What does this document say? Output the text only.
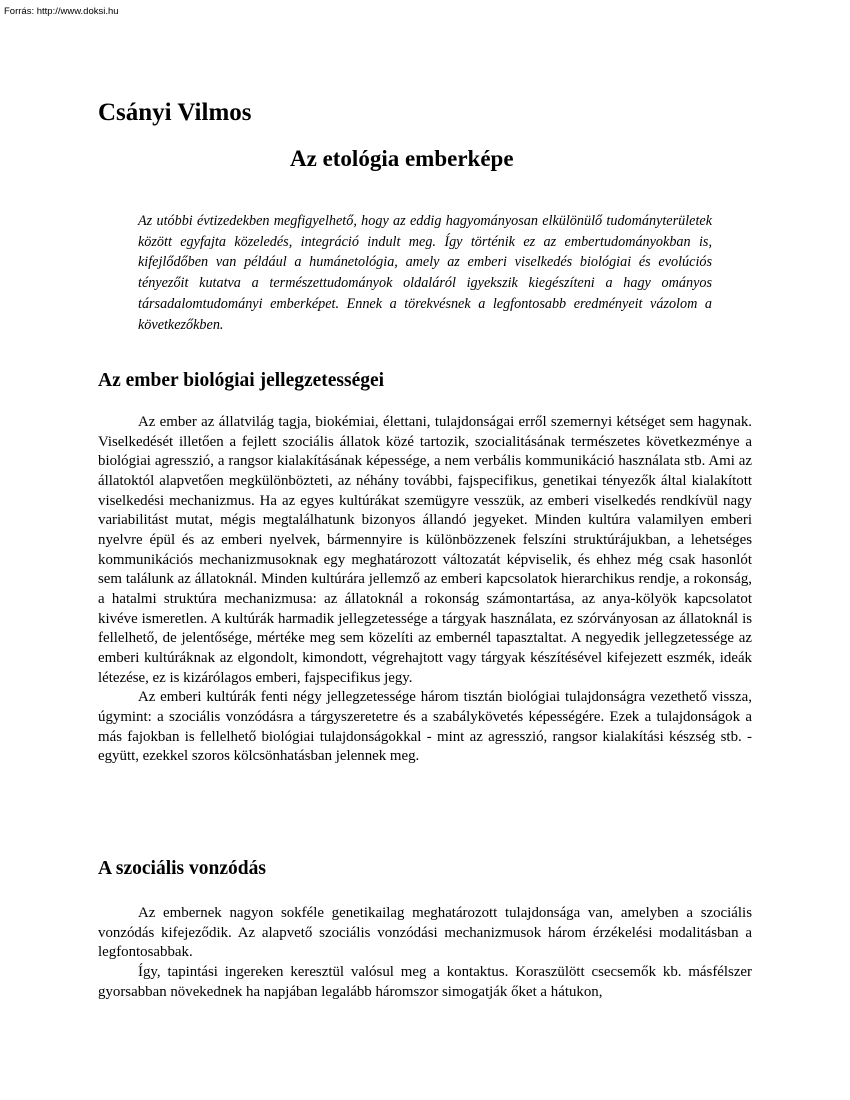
Forrás: http://www.doksi.hu
Csányi Vilmos
Az etológia emberképe

Az utóbbi évtizedekben megfigyelhető, hogy az eddig hagyományosan elkülönülő tudományterületek között egyfajta közeledés, integráció indult meg. Így történik ez az embertudományokban is, kifejlődőben van például a humánetológia, amely az emberi viselkedés biológiai és evolúciós tényezőit kutatva a természettudományok oldaláról igyekszik kiegészíteni a hagy ományos társadalomtudományi emberképet. Ennek a törekvésnek a legfontosabb eredményeit vázolom a következőkben.

Az ember biológiai jellegzetességei

Az ember az állatvilág tagja, biokémiai, élettani, tulajdonságai erről szemernyi kétséget sem hagynak. Viselkedését illetően a fejlett szociális állatok közé tartozik, szocialitásának természetes következménye a biológiai agresszió, a rangsor kialakításának képessége, a nem verbális kommunikáció használata stb. Ami az állatoktól alapvetően megkülönbözteti, az néhány további, fajspecifikus, genetikai tényezők által kialakított viselkedési mechanizmus. Ha az egyes kultúrákat szemügyre vesszük, az emberi viselkedés rendkívül nagy variabilitást mutat, mégis megtalálhatunk bizonyos állandó jegyeket. Minden kultúra valamilyen emberi nyelvre épül és az emberi nyelvek, bármennyire is különbözzenek felszíni struktúrájukban, a lehetséges kommunikációs mechanizmusoknak egy meghatározott változatát képviselik, és ehhez még csak hasonlót sem találunk az állatoknál. Minden kultúrára jellemző az emberi kapcsolatok hierarchikus rendje, a rokonság, a hatalmi struktúra mechanizmusa: az állatoknál a rokonság számontartása, az anya-kölyök kapcsolatot kivéve ismeretlen. A kultúrák harmadik jellegzetessége a tárgyak használata, ez szórványosan az állatoknál is fellelhető, de jelentősége, mértéke meg sem közelíti az embernél tapasztaltat. A negyedik jellegzetessége az emberi kultúráknak az elgondolt, kimondott, végrehajtott vagy tárgyak készítésével kifejezett eszmék, ideák létezése, ez is kizárólagos emberi, fajspecifikus jegy.

Az emberi kultúrák fenti négy jellegzetessége három tisztán biológiai tulajdonságra vezethető vissza, úgymint: a szociális vonzódásra a tárgyszeretetre és a szabálykövetés képességére. Ezek a tulajdonságok a más fajokban is fellelhető biológiai tulajdonságokkal - mint az agresszió, rangsor kialakítási készség stb. - együtt, ezekkel szoros kölcsönhatásban jelennek meg.

A szociális vonzódás

Az embernek nagyon sokféle genetikailag meghatározott tulajdonsága van, amelyben a szociális vonzódás kifejeződik. Az alapvető szociális vonzódási mechanizmusok három érzékelési modalitásban a legfontosabbak.

Így, tapintási ingereken keresztül valósul meg a kontaktus. Koraszülött csecsemők kb. másfélszer gyorsabban növekednek ha napjában legalább háromszor simogatják őket a hátukon,
